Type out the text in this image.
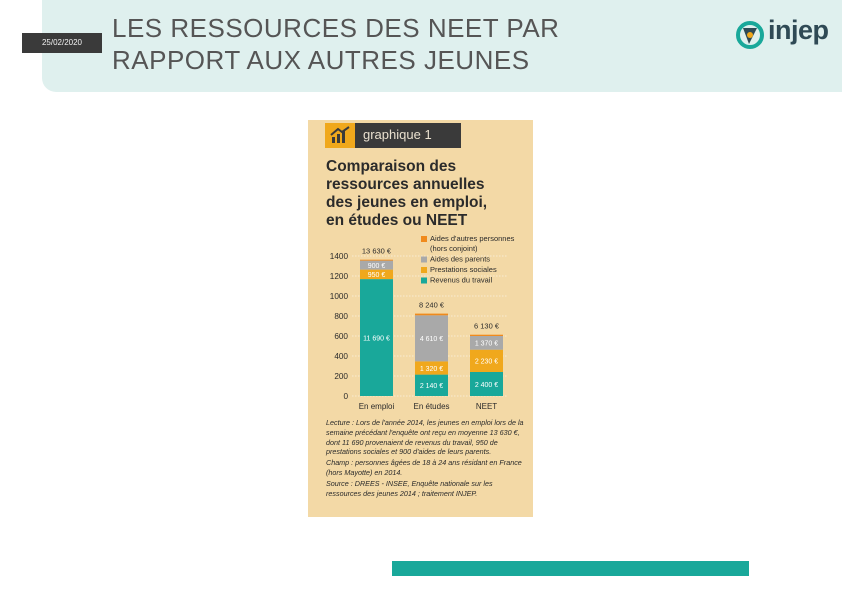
25/02/2020	LES RESSOURCES DES NEET PAR
RAPPORT AUX AUTRES JEUNES
injep
graphique 1
Comparaison des
ressources annuelles
des jeunes en emploi,
en études ou NEET
0
200
400
600
800
1000
1200
1400
11 690 €
950 €
900 €
13 630 €
En emploi
2 140 €
1 320 €
4 610 €
8 240 €
En études
2 400 €
2 230 €
1 370 €
6 130 €
NEET
Aides d'autres personnes
(hors conjoint)
Aides des parents
Prestations sociales
Revenus du travail

Lecture : Lors de l'année 2014, les jeunes en emploi lors de la semaine précédant l'enquête ont reçu en moyenne 13 630 €, dont 11 690 provenaient de revenus du travail, 950 de prestations sociales et 900 d'aides de leurs parents.

Champ : personnes âgées de 18 à 24 ans résidant en France (hors Mayotte) en 2014.

Source : DREES - INSEE, Enquête nationale sur les ressources des jeunes 2014 ; traitement INJEP.
